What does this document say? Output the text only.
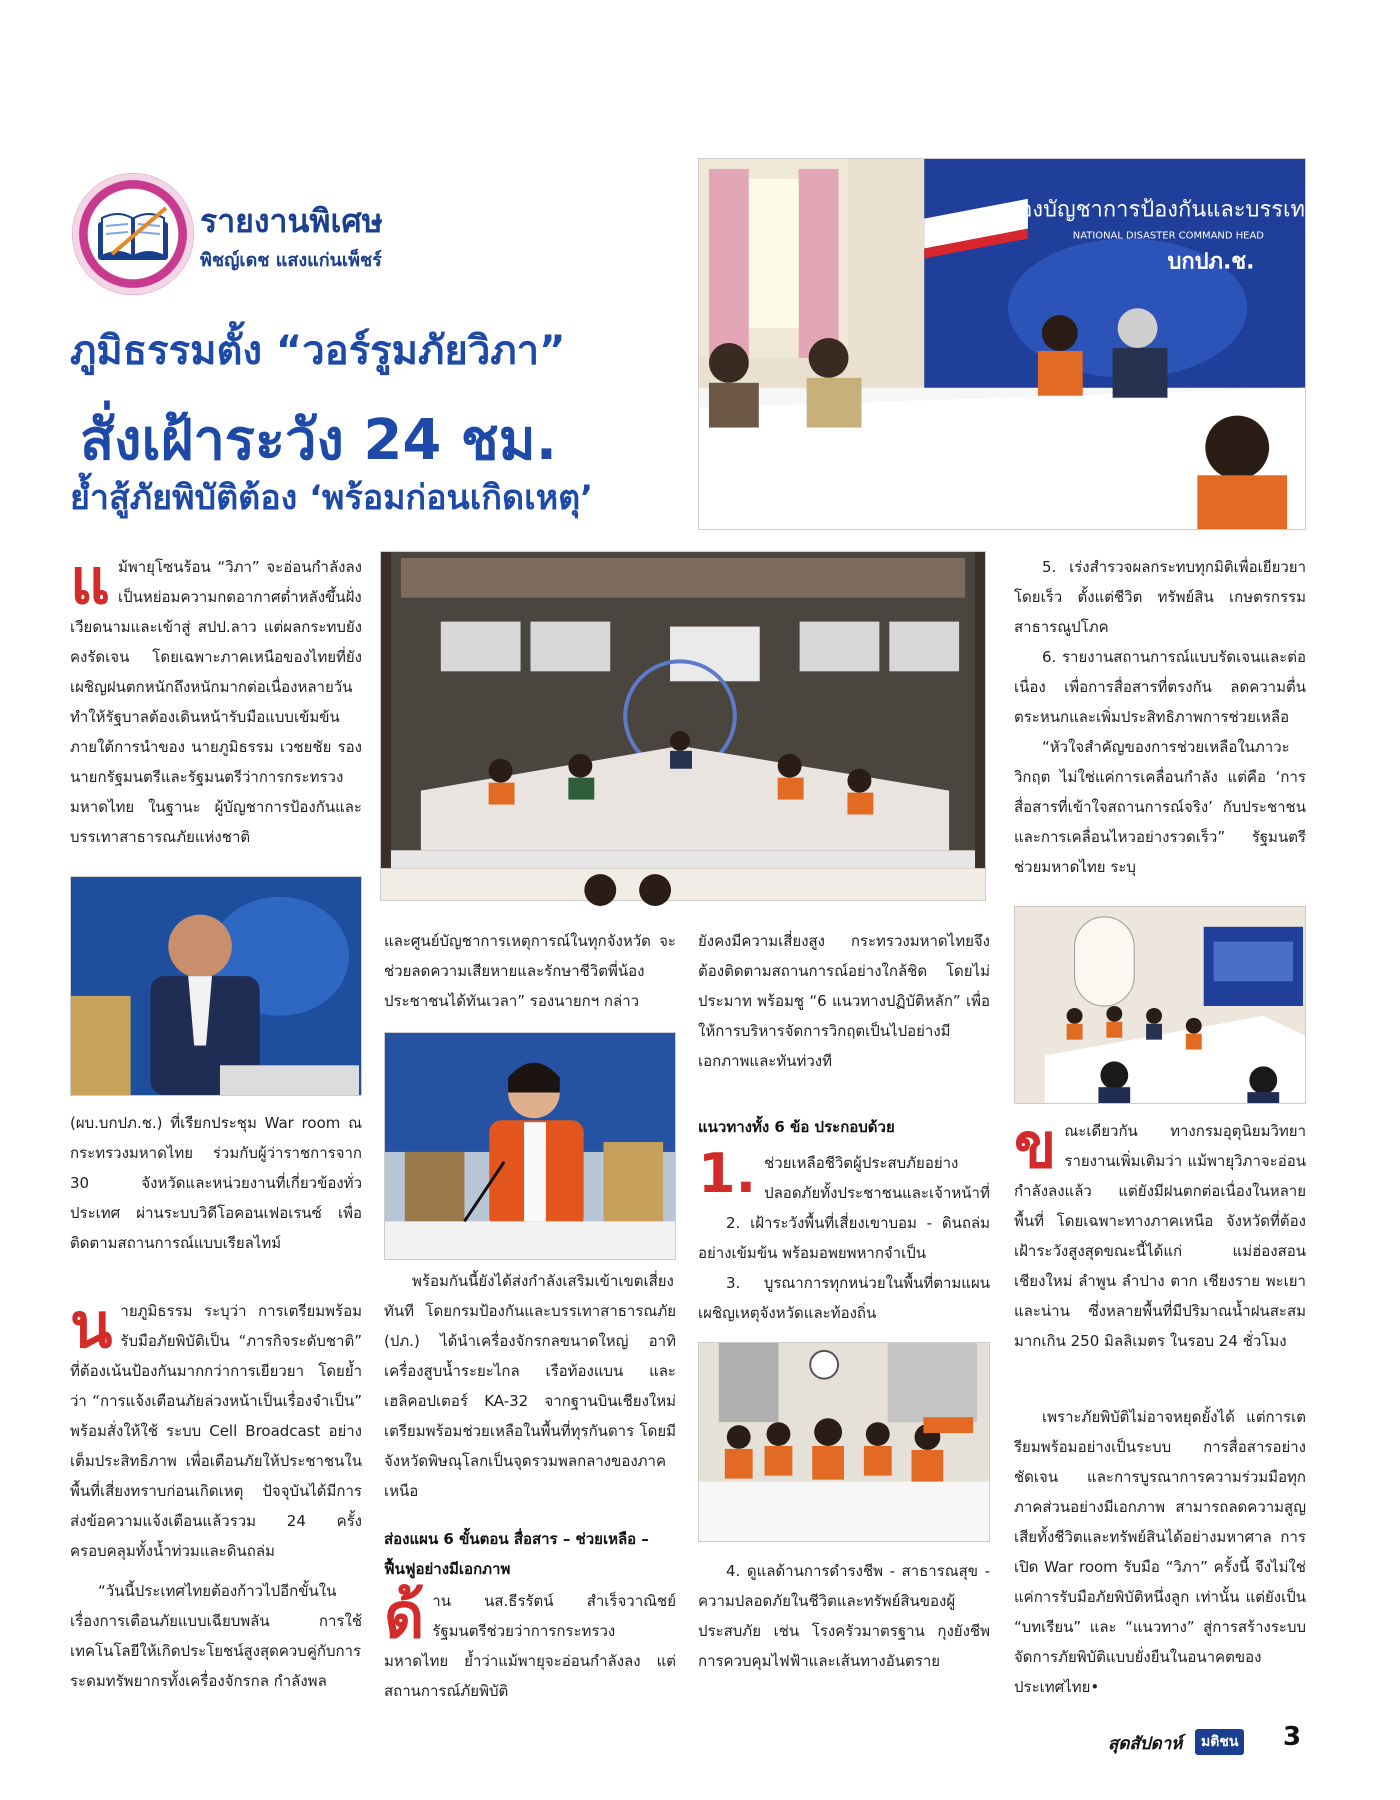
รายงานพิเศษ
พิชญ์เดช แสงแก่นเพ็ชร์
ภูมิธรรมตั้ง “วอร์รูมภัยวิภา”
สั่งเฝ้าระวัง 24 ชม.
ย้ำสู้ภัยพิบัติต้อง ‘พร้อมก่อนเกิดเหตุ’
กองบัญชาการป้องกันและบรรเทาสา
NATIONAL DISASTER COMMAND HEAD
บกปภ.ช.
แ ม้พายุโซนร้อน “วิภา” จะอ่อนกำลังลงเป็นหย่อมความกดอากาศต่ำหลังขึ้นฝั่งเวียดนามและเข้าสู่ สปป.ลาว แต่ผลกระทบยังคงรัดเจน โดยเฉพาะภาคเหนือของไทยที่ยังเผชิญฝนตกหนักถึงหนักมากต่อเนื่องหลายวัน ทำให้รัฐบาลต้องเดินหน้ารับมือแบบเข้มข้น ภายใต้การนำของ นายภูมิธรรม เวชยชัย รองนายกรัฐมนตรีและรัฐมนตรีว่าการกระทรวงมหาดไทย ในฐานะ ผู้บัญชาการป้องกันและบรรเทาสาธารณภัยแห่งชาติ
(ผบ.บกปภ.ช.) ที่เรียกประชุม War room ณ กระทรวงมหาดไทย ร่วมกับผู้ว่าราชการจาก 30 จังหวัดและหน่วยงานที่เกี่ยวข้องทั่วประเทศ ผ่านระบบวิดีโอคอนเฟอเรนซ์ เพื่อติดตามสถานการณ์แบบเรียลไทม์
น ายภูมิธรรม ระบุว่า การเตรียมพร้อมรับมือภัยพิบัติเป็น “ภารกิจระดับชาติ” ที่ต้องเน้นป้องกันมากกว่าการเยียวยา โดยย้ำว่า “การแจ้งเตือนภัยล่วงหน้าเป็นเรื่องจำเป็น” พร้อมสั่งให้ใช้ ระบบ Cell Broadcast อย่างเต็มประสิทธิภาพ เพื่อเตือนภัยให้ประชาชนในพื้นที่เสี่ยงทราบก่อนเกิดเหตุ ปัจจุบันได้มีการส่งข้อความแจ้งเตือนแล้วรวม 24 ครั้ง ครอบคลุมทั้งน้ำท่วมและดินถล่ม
“วันนี้ประเทศไทยต้องก้าวไปอีกขั้นในเรื่องการเตือนภัยแบบเฉียบพลัน การใช้เทคโนโลยีให้เกิดประโยชน์สูงสุดควบคู่กับการระดมทรัพยากรทั้งเครื่องจักรกล กำลังพล
และศูนย์บัญชาการเหตุการณ์ในทุกจังหวัด จะช่วยลดความเสียหายและรักษาชีวิตพี่น้องประชาชนได้ทันเวลา” รองนายกฯ กล่าว
พร้อมกันนี้ยังได้ส่งกำลังเสริมเข้าเขตเสี่ยงทันที โดยกรมป้องกันและบรรเทาสาธารณภัย (ปภ.) ได้นำเครื่องจักรกลขนาดใหญ่ อาทิ เครื่องสูบน้ำระยะไกล เรือท้องแบน และเฮลิคอปเตอร์ KA-32 จากฐานบินเชียงใหม่ เตรียมพร้อมช่วยเหลือในพื้นที่ทุรกันดาร โดยมีจังหวัดพิษณุโลกเป็นจุดรวมพลกลางของภาคเหนือ
ส่องแผน 6 ขั้นตอน สื่อสาร – ช่วยเหลือ – ฟื้นฟูอย่างมีเอกภาพ
ด้ าน นส.ธีรรัตน์ สำเร็จวาณิชย์ รัฐมนตรีช่วยว่าการกระทรวงมหาดไทย ย้ำว่าแม้พายุจะอ่อนกำลังลง แต่สถานการณ์ภัยพิบัติ
ยังคงมีความเสี่ยงสูง กระทรวงมหาดไทยจึงต้องติดตามสถานการณ์อย่างใกล้ชิด โดยไม่ประมาท พร้อมชู “6 แนวทางปฏิบัติหลัก” เพื่อให้การบริหารจัดการวิกฤตเป็นไปอย่างมีเอกภาพและทันท่วงที
แนวทางทั้ง 6 ข้อ ประกอบด้วย
1. ช่วยเหลือชีวิตผู้ประสบภัยอย่างปลอดภัยทั้งประชาชนและเจ้าหน้าที่
2. เฝ้าระวังพื้นที่เสี่ยงเขาบอม - ดินถล่มอย่างเข้มข้น พร้อมอพยพหากจำเป็น
3. บูรณาการทุกหน่วยในพื้นที่ตามแผนเผชิญเหตุจังหวัดและท้องถิ่น
4. ดูแลด้านการดำรงชีพ - สาธารณสุข - ความปลอดภัยในชีวิตและทรัพย์สินของผู้ประสบภัย เช่น โรงครัวมาตรฐาน กุงยังชีพ การควบคุมไฟฟ้าและเส้นทางอันตราย
5. เร่งสำรวจผลกระทบทุกมิติเพื่อเยียวยาโดยเร็ว ตั้งแต่ชีวิต ทรัพย์สิน เกษตรกรรม สาธารณูปโภค
6. รายงานสถานการณ์แบบรัดเจนและต่อเนื่อง เพื่อการสื่อสารที่ตรงกัน ลดความตื่นตระหนกและเพิ่มประสิทธิภาพการช่วยเหลือ
“หัวใจสำคัญของการช่วยเหลือในภาวะวิกฤต ไม่ใช่แค่การเคลื่อนกำลัง แต่คือ ‘การสื่อสารที่เข้าใจสถานการณ์จริง’ กับประชาชน และการเคลื่อนไหวอย่างรวดเร็ว” รัฐมนตรีช่วยมหาดไทย ระบุ
ข ณะเดียวกัน ทางกรมอุตุนิยมวิทยารายงานเพิ่มเติมว่า แม้พายุวิภาจะอ่อนกำลังลงแล้ว แต่ยังมีฝนตกต่อเนื่องในหลายพื้นที่ โดยเฉพาะทางภาคเหนือ จังหวัดที่ต้องเฝ้าระวังสูงสุดขณะนี้ได้แก่ แม่ฮ่องสอน เชียงใหม่ ลำพูน ลำปาง ตาก เชียงราย พะเยา และน่าน ซึ่งหลายพื้นที่มีปริมาณน้ำฝนสะสมมากเกิน 250 มิลลิเมตร ในรอบ 24 ชั่วโมง
เพราะภัยพิบัติไม่อาจหยุดยั้งได้ แต่การเตรียมพร้อมอย่างเป็นระบบ การสื่อสารอย่างชัดเจน และการบูรณาการความร่วมมือทุกภาคส่วนอย่างมีเอกภาพ สามารถลดความสูญเสียทั้งชีวิตและทรัพย์สินได้อย่างมหาศาล การเปิด War room รับมือ “วิภา” ครั้งนี้ จึงไม่ใช่แค่การรับมือภัยพิบัติหนึ่งลูก เท่านั้น แต่ยังเป็น “บทเรียน” และ “แนวทาง” สู่การสร้างระบบจัดการภัยพิบัติแบบยั่งยืนในอนาคตของประเทศไทย•
สุดสัปดาห์	มติชน 3
